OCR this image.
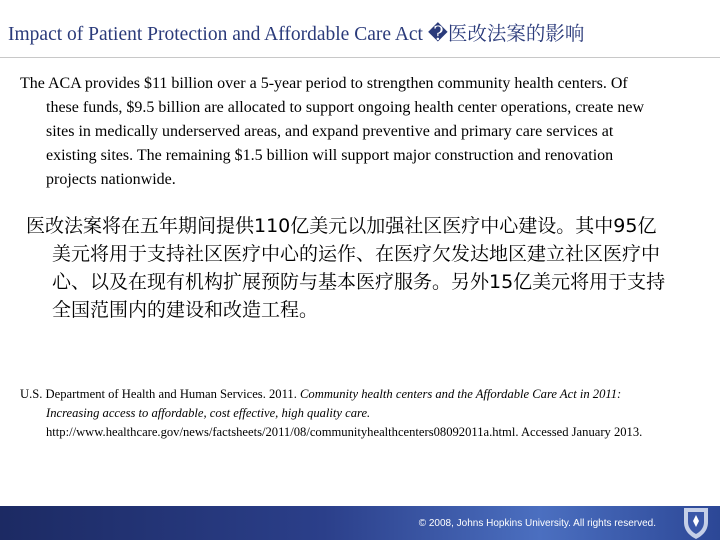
Impact of Patient Protection and Affordable Care Act �医改法案的影响
The ACA provides $11 billion over a 5-year period to strengthen community health centers. Of these funds, $9.5 billion are allocated to support ongoing health center operations, create new sites in medically underserved areas, and expand preventive and primary care services at existing sites. The remaining $1.5 billion will support major construction and renovation projects nationwide.
医改法案将在五年期间提供110亿美元以加强社区医疗中心建设。其中95亿美元将用于支持社区医疗中心的运作、在医疗欠发达地区建立社区医疗中心、以及在现有机构扩展预防与基本医疗服务。另外15亿美元将用于支持全国范围内的建设和改造工程。
U.S. Department of Health and Human Services. 2011. Community health centers and the Affordable Care Act in 2011: Increasing access to affordable, cost effective, high quality care. http://www.healthcare.gov/news/factsheets/2011/08/communityhealthcenters08092011a.html. Accessed January 2013.
© 2008, Johns Hopkins University. All rights reserved.
